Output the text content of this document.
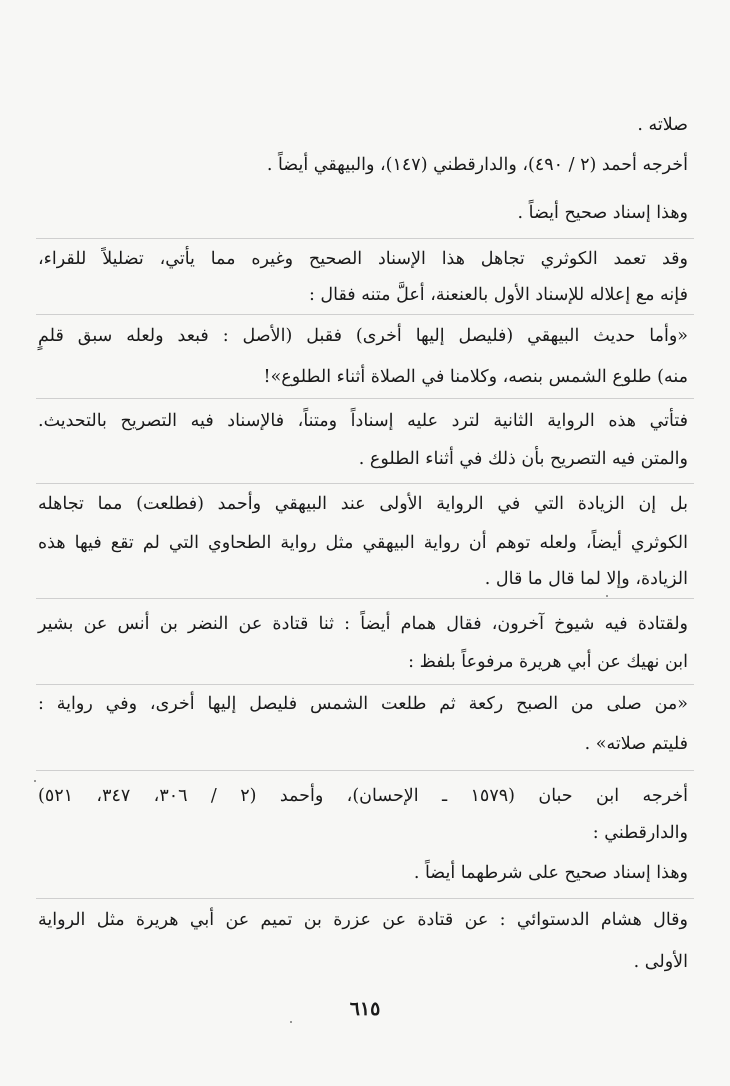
صلاته .
أخرجه أحمد (٢ / ٤٩٠)، والدارقطني (١٤٧)، والبيهقي أيضاً .
وهذا إسناد صحيح أيضاً .
وقد تعمد الكوثري تجاهل هذا الإسناد الصحيح وغيره مما يأتي، تضليلاً للقراء،
فإنه مع إعلاله للإسناد الأول بالعنعنة، أعلَّ متنه فقال :
«وأما حديث البيهقي (فليصل إليها أخرى) فقبل (الأصل : فبعد ولعله سبق قلمٍ
منه) طلوع الشمس بنصه، وكلامنا في الصلاة أثناء الطلوع»!
فتأتي هذه الرواية الثانية لترد عليه إسناداً ومتناً، فالإسناد فيه التصريح بالتحديث.
والمتن فيه التصريح بأن ذلك في أثناء الطلوع .
بل إن الزيادة التي في الرواية الأولى عند البيهقي وأحمد (فطلعت) مما تجاهله
الكوثري أيضاً، ولعله توهم أن رواية البيهقي مثل رواية الطحاوي التي لم تقع فيها هذه
الزيادة، وإلا لما قال ما قال .
ولقتادة فيه شيوخ آخرون، فقال همام أيضاً : ثنا قتادة عن النضر بن أنس عن بشير
ابن نهيك عن أبي هريرة مرفوعاً بلفظ :
«من صلى من الصبح ركعة ثم طلعت الشمس فليصل إليها أخرى، وفي رواية :
فليتم صلاته» .
أخرجه ابن حبان (١٥٧٩ ـ الإحسان)، وأحمد (٢ / ٣٠٦، ٣٤٧، ٥٢١)
والدارقطني :
وهذا إسناد صحيح على شرطهما أيضاً .
وقال هشام الدستوائي : عن قتادة عن عزرة بن تميم عن أبي هريرة مثل الرواية
الأولى .
٦١٥
